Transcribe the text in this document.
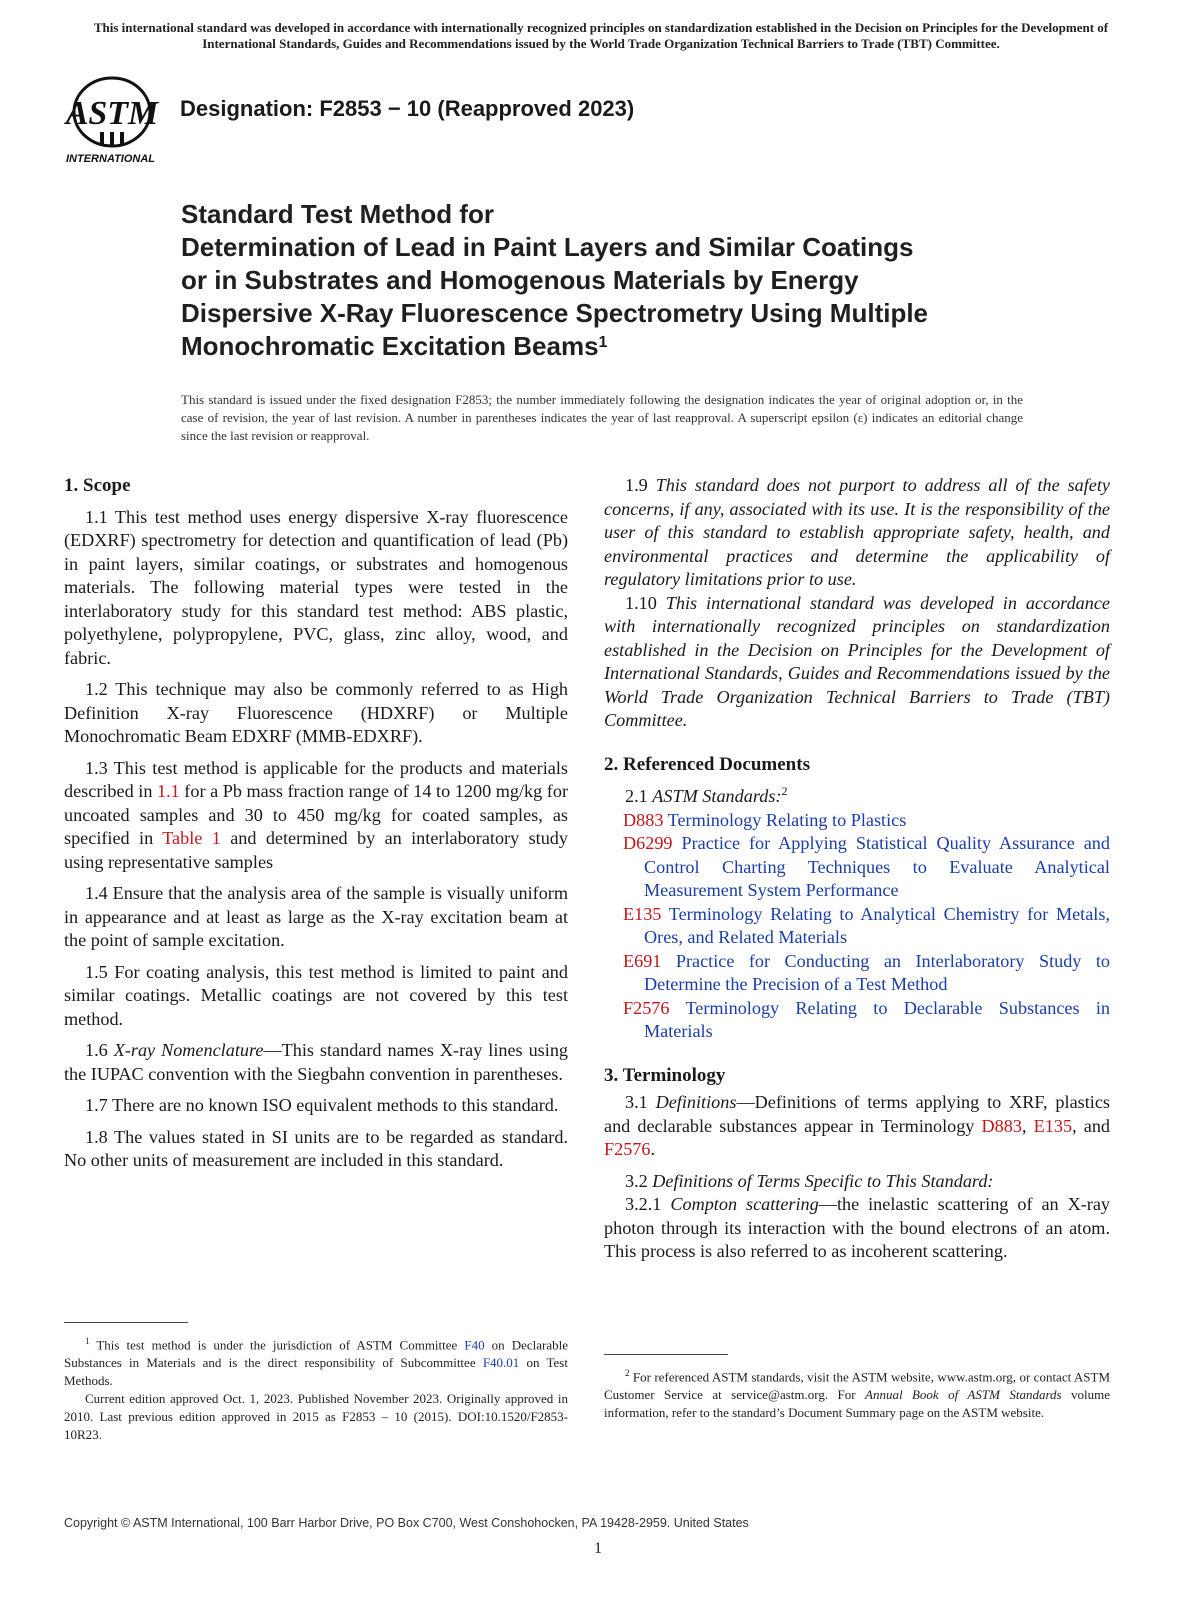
This international standard was developed in accordance with internationally recognized principles on standardization established in the Decision on Principles for the Development of International Standards, Guides and Recommendations issued by the World Trade Organization Technical Barriers to Trade (TBT) Committee.
ASTM
INTERNATIONAL
Designation: F2853 − 10 (Reapproved 2023)
Standard Test Method for
Determination of Lead in Paint Layers and Similar Coatings
or in Substrates and Homogenous Materials by Energy
Dispersive X-Ray Fluorescence Spectrometry Using Multiple
Monochromatic Excitation Beams$^1$
This standard is issued under the fixed designation F2853; the number immediately following the designation indicates the year of original adoption or, in the case of revision, the year of last revision. A number in parentheses indicates the year of last reapproval. A superscript epsilon (ε) indicates an editorial change since the last revision or reapproval.

1. Scope

1.1 This test method uses energy dispersive X-ray fluorescence (EDXRF) spectrometry for detection and quantification of lead (Pb) in paint layers, similar coatings, or substrates and homogenous materials. The following material types were tested in the interlaboratory study for this standard test method: ABS plastic, polyethylene, polypropylene, PVC, glass, zinc alloy, wood, and fabric.

1.2 This technique may also be commonly referred to as High Definition X-ray Fluorescence (HDXRF) or Multiple Monochromatic Beam EDXRF (MMB-EDXRF).

1.3 This test method is applicable for the products and materials described in 1.1 for a Pb mass fraction range of 14 to 1200 mg/kg for uncoated samples and 30 to 450 mg/kg for coated samples, as specified in Table 1 and determined by an interlaboratory study using representative samples

1.4 Ensure that the analysis area of the sample is visually uniform in appearance and at least as large as the X-ray excitation beam at the point of sample excitation.

1.5 For coating analysis, this test method is limited to paint and similar coatings. Metallic coatings are not covered by this test method.

1.6 X-ray Nomenclature—This standard names X-ray lines using the IUPAC convention with the Siegbahn convention in parentheses.

1.7 There are no known ISO equivalent methods to this standard.

1.8 The values stated in SI units are to be regarded as standard. No other units of measurement are included in this standard.

1.9 This standard does not purport to address all of the safety concerns, if any, associated with its use. It is the responsibility of the user of this standard to establish appropriate safety, health, and environmental practices and determine the applicability of regulatory limitations prior to use.

1.10 This international standard was developed in accordance with internationally recognized principles on standardization established in the Decision on Principles for the Development of International Standards, Guides and Recommendations issued by the World Trade Organization Technical Barriers to Trade (TBT) Committee.

2. Referenced Documents

2.1 ASTM Standards:$^2$

D883 Terminology Relating to Plastics

D6299 Practice for Applying Statistical Quality Assurance and Control Charting Techniques to Evaluate Analytical Measurement System Performance

E135 Terminology Relating to Analytical Chemistry for Metals, Ores, and Related Materials

E691 Practice for Conducting an Interlaboratory Study to Determine the Precision of a Test Method

F2576 Terminology Relating to Declarable Substances in Materials

3. Terminology

3.1 Definitions—Definitions of terms applying to XRF, plastics and declarable substances appear in Terminology D883, E135, and F2576.

3.2 Definitions of Terms Specific to This Standard:

3.2.1 Compton scattering—the inelastic scattering of an X-ray photon through its interaction with the bound electrons of an atom. This process is also referred to as incoherent scattering.

$^1$ This test method is under the jurisdiction of ASTM Committee F40 on Declarable Substances in Materials and is the direct responsibility of Subcommittee F40.01 on Test Methods.

Current edition approved Oct. 1, 2023. Published November 2023. Originally approved in 2010. Last previous edition approved in 2015 as F2853 – 10 (2015). DOI:10.1520/F2853-10R23.

$^2$ For referenced ASTM standards, visit the ASTM website, www.astm.org, or contact ASTM Customer Service at service@astm.org. For Annual Book of ASTM Standards volume information, refer to the standard’s Document Summary page on the ASTM website.

Copyright © ASTM International, 100 Barr Harbor Drive, PO Box C700, West Conshohocken, PA 19428-2959. United States
1
